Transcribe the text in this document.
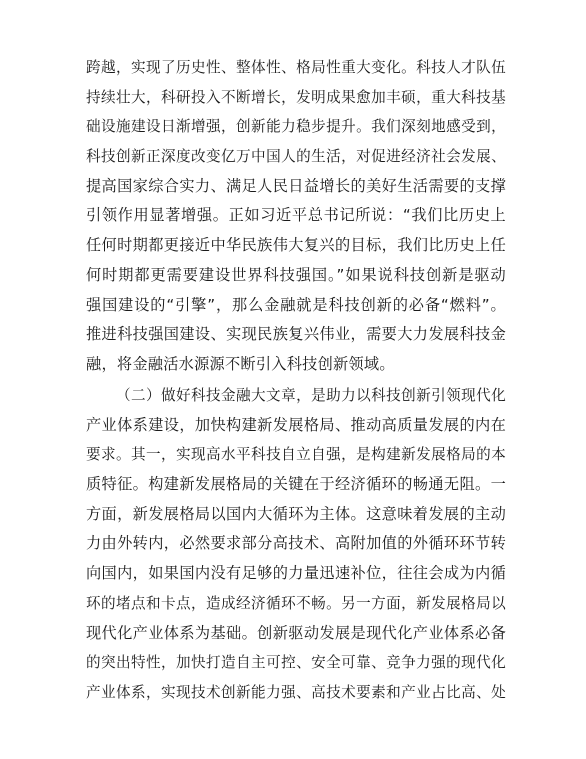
跨越，实现了历史性、整体性、格局性重大变化。科技人才队伍
持续壮大，科研投入不断增长，发明成果愈加丰硕，重大科技基
础设施建设日渐增强，创新能力稳步提升。我们深刻地感受到，
科技创新正深度改变亿万中国人的生活，对促进经济社会发展、
提高国家综合实力、满足人民日益增长的美好生活需要的支撑
引领作用显著增强。正如习近平总书记所说：“我们比历史上
任何时期都更接近中华民族伟大复兴的目标，我们比历史上任
何时期都更需要建设世界科技强国。”如果说科技创新是驱动
强国建设的“引擎”，那么金融就是科技创新的必备“燃料”。
推进科技强国建设、实现民族复兴伟业，需要大力发展科技金
融，将金融活水源源不断引入科技创新领域。
（二）做好科技金融大文章，是助力以科技创新引领现代化
产业体系建设，加快构建新发展格局、推动高质量发展的内在
要求。其一，实现高水平科技自立自强，是构建新发展格局的本
质特征。构建新发展格局的关键在于经济循环的畅通无阻。一
方面，新发展格局以国内大循环为主体。这意味着发展的主动
力由外转内，必然要求部分高技术、高附加值的外循环环节转
向国内，如果国内没有足够的力量迅速补位，往往会成为内循
环的堵点和卡点，造成经济循环不畅。另一方面，新发展格局以
现代化产业体系为基础。创新驱动发展是现代化产业体系必备
的突出特性，加快打造自主可控、安全可靠、竞争力强的现代化
产业体系，实现技术创新能力强、高技术要素和产业占比高、处
